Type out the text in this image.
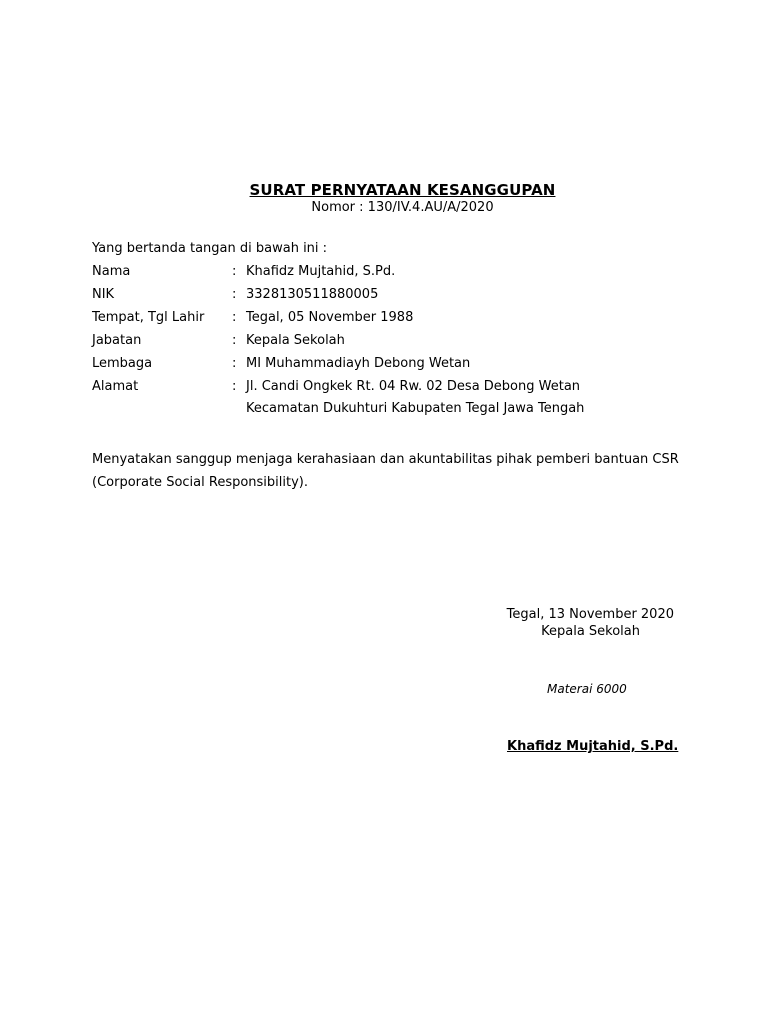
SURAT PERNYATAAN KESANGGUPAN
Nomor : 130/IV.4.AU/A/2020
Yang bertanda tangan di bawah ini :
Nama	: Khafidz Mujtahid, S.Pd.
NIK	: 3328130511880005
Tempat, Tgl Lahir : Tegal, 05 November 1988
Jabatan	: Kepala Sekolah
Lembaga	: MI Muhammadiayh Debong Wetan
Alamat	: Jl. Candi Ongkek Rt. 04 Rw. 02 Desa Debong Wetan
Kecamatan Dukuhturi Kabupaten Tegal Jawa Tengah
Menyatakan sanggup menjaga kerahasiaan dan akuntabilitas pihak pemberi bantuan CSR (Corporate Social Responsibility).
Tegal, 13 November 2020
Kepala Sekolah
Materai 6000
Khafidz Mujtahid, S.Pd.
